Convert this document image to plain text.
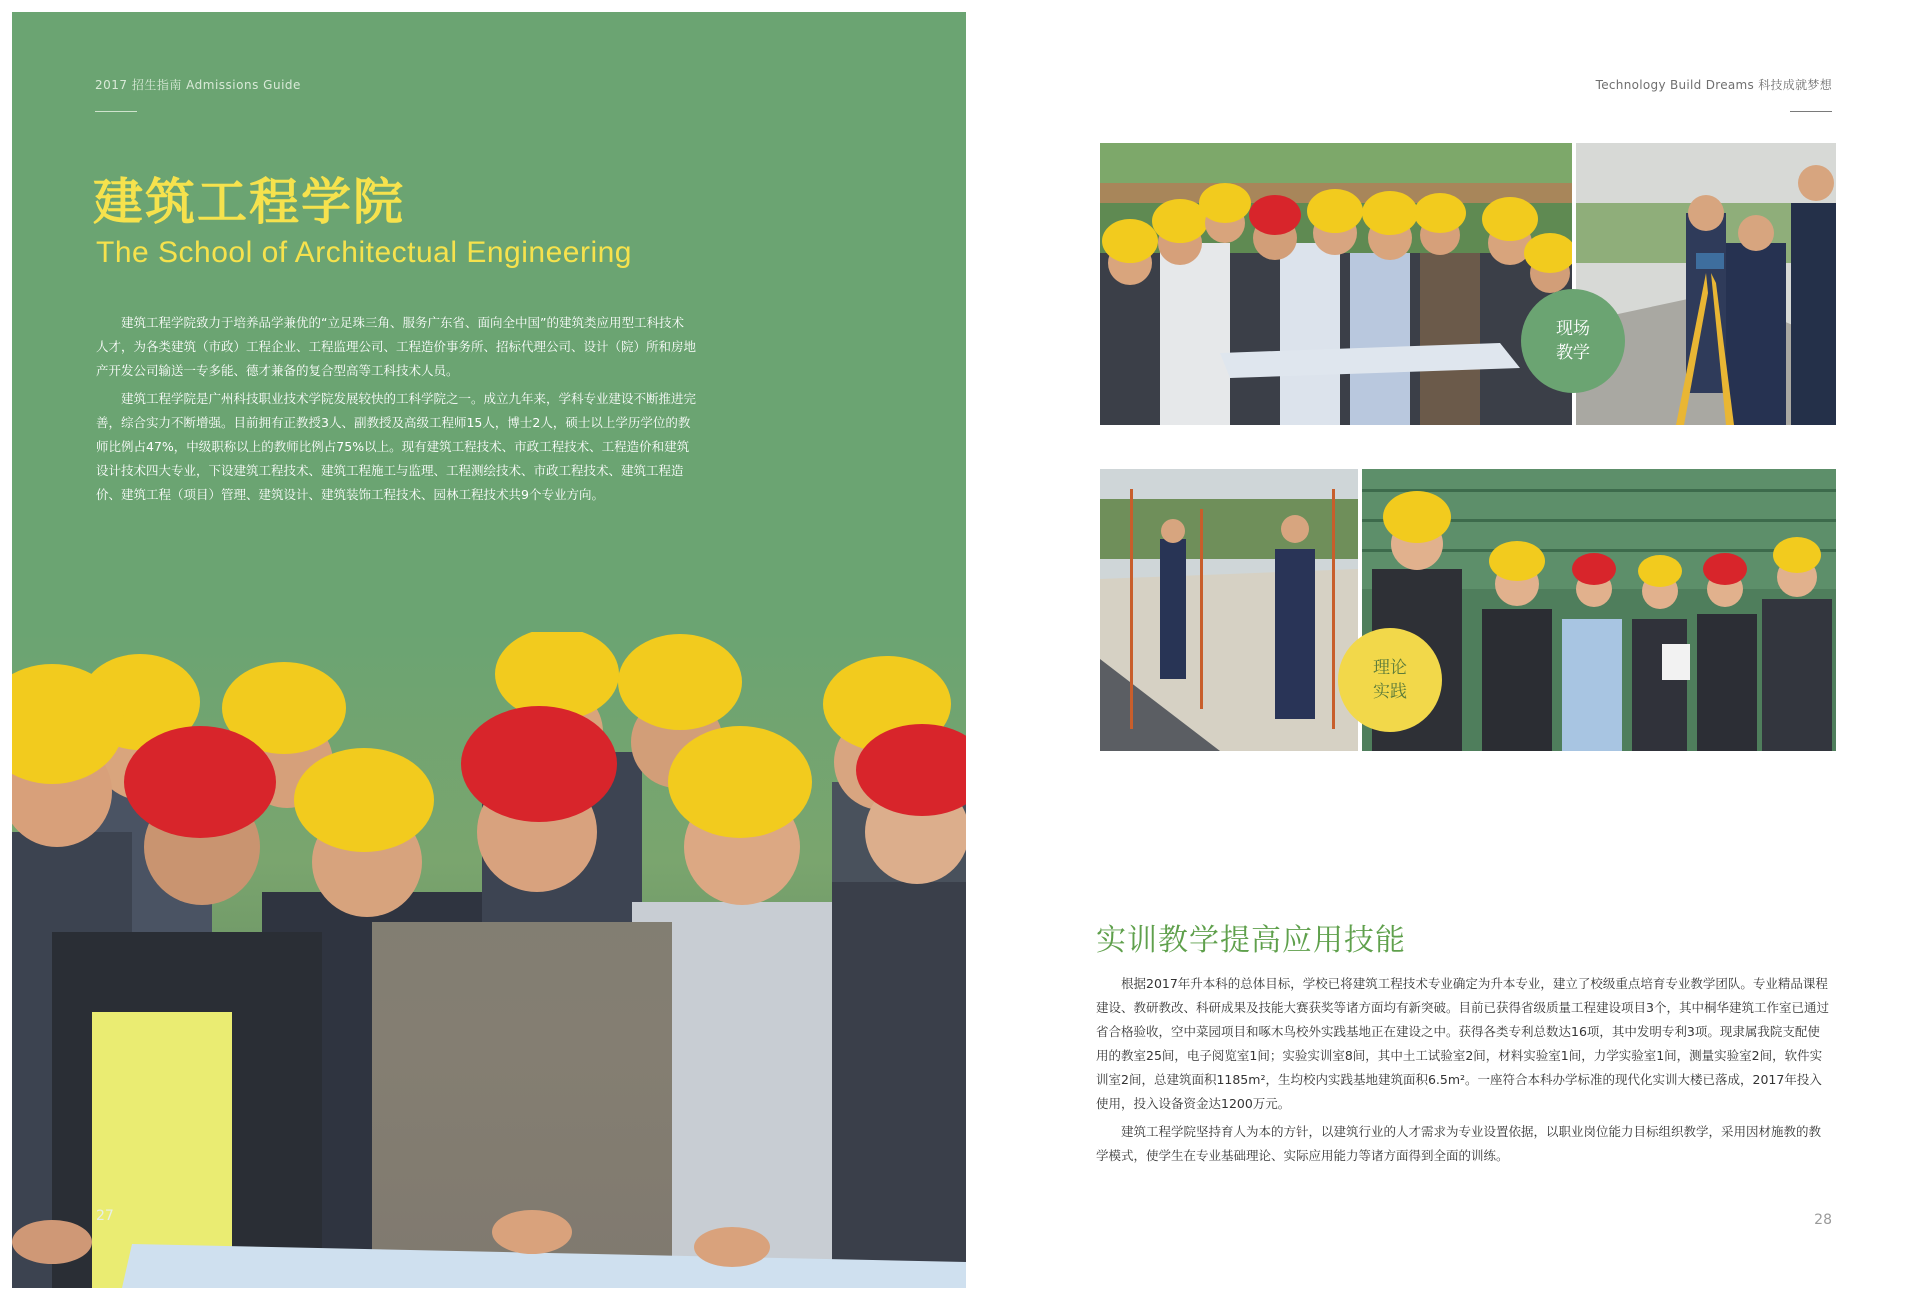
2017 招生指南 Admissions Guide
建筑工程学院
The School of Architectual Engineering

建筑工程学院致力于培养品学兼优的“立足珠三角、服务广东省、面向全中国”的建筑类应用型工科技术人才，为各类建筑（市政）工程企业、工程监理公司、工程造价事务所、招标代理公司、设计（院）所和房地产开发公司输送一专多能、德才兼备的复合型高等工科技术人员。

建筑工程学院是广州科技职业技术学院发展较快的工科学院之一。成立九年来，学科专业建设不断推进完善，综合实力不断增强。目前拥有正教授3人、副教授及高级工程师15人，博士2人，硕士以上学历学位的教师比例占47%，中级职称以上的教师比例占75%以上。现有建筑工程技术、市政工程技术、工程造价和建筑设计技术四大专业，下设建筑工程技术、建筑工程施工与监理、工程测绘技术、市政工程技术、建筑工程造价、建筑工程（项目）管理、建筑设计、建筑装饰工程技术、园林工程技术共9个专业方向。

27
Technology Build Dreams 科技成就梦想
现场
教学
理论
实践
实训教学提高应用技能

根据2017年升本科的总体目标，学校已将建筑工程技术专业确定为升本专业，建立了校级重点培育专业教学团队。专业精品课程建设、教研教改、科研成果及技能大赛获奖等诸方面均有新突破。目前已获得省级质量工程建设项目3个，其中桐华建筑工作室已通过省合格验收，空中菜园项目和啄木鸟校外实践基地正在建设之中。获得各类专利总数达16项，其中发明专利3项。现隶属我院支配使用的教室25间，电子阅览室1间；实验实训室8间，其中土工试验室2间，材料实验室1间，力学实验室1间，测量实验室2间，软件实训室2间，总建筑面积1185m²，生均校内实践基地建筑面积6.5m²。一座符合本科办学标准的现代化实训大楼已落成，2017年投入使用，投入设备资金达1200万元。

建筑工程学院坚持育人为本的方针，以建筑行业的人才需求为专业设置依据，以职业岗位能力目标组织教学，采用因材施教的教学模式，使学生在专业基础理论、实际应用能力等诸方面得到全面的训练。

28
